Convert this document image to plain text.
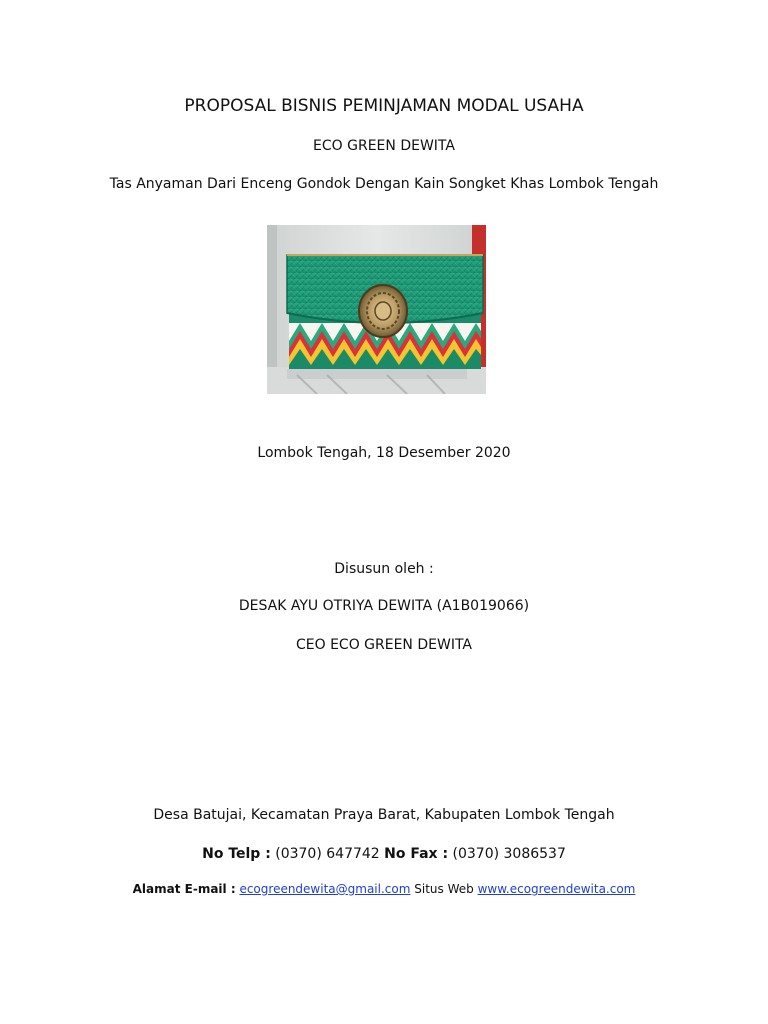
PROPOSAL BISNIS PEMINJAMAN MODAL USAHA
ECO GREEN DEWITA
Tas Anyaman Dari Enceng Gondok Dengan Kain Songket Khas Lombok Tengah
Lombok Tengah, 18 Desember 2020
Disusun oleh :
DESAK AYU OTRIYA DEWITA (A1B019066)
CEO ECO GREEN DEWITA
Desa Batujai, Kecamatan Praya Barat, Kabupaten Lombok Tengah
No Telp : (0370) 647742 No Fax : (0370) 3086537
Alamat E-mail : ecogreendewita@gmail.com Situs Web www.ecogreendewita.com
